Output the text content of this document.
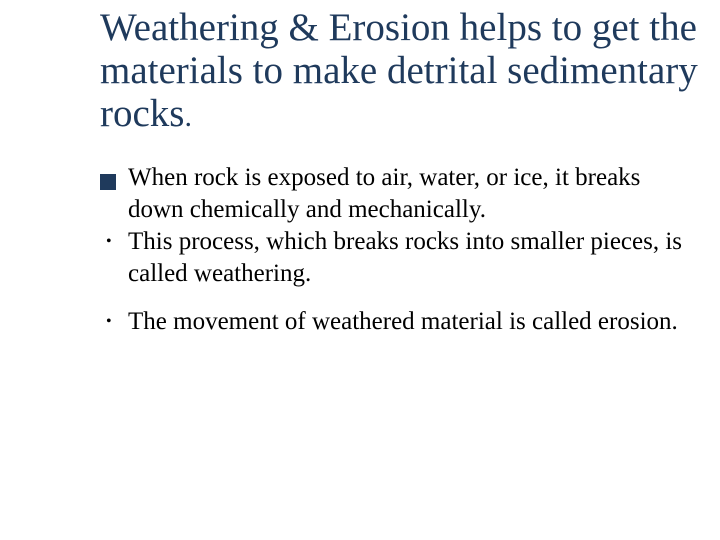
Weathering & Erosion helps to get the materials to make detrital sedimentary rocks.
When rock is exposed to air, water, or ice, it breaks down chemically and mechanically.
• This process, which breaks rocks into smaller pieces, is called weathering.
• The movement of weathered material is called erosion.
